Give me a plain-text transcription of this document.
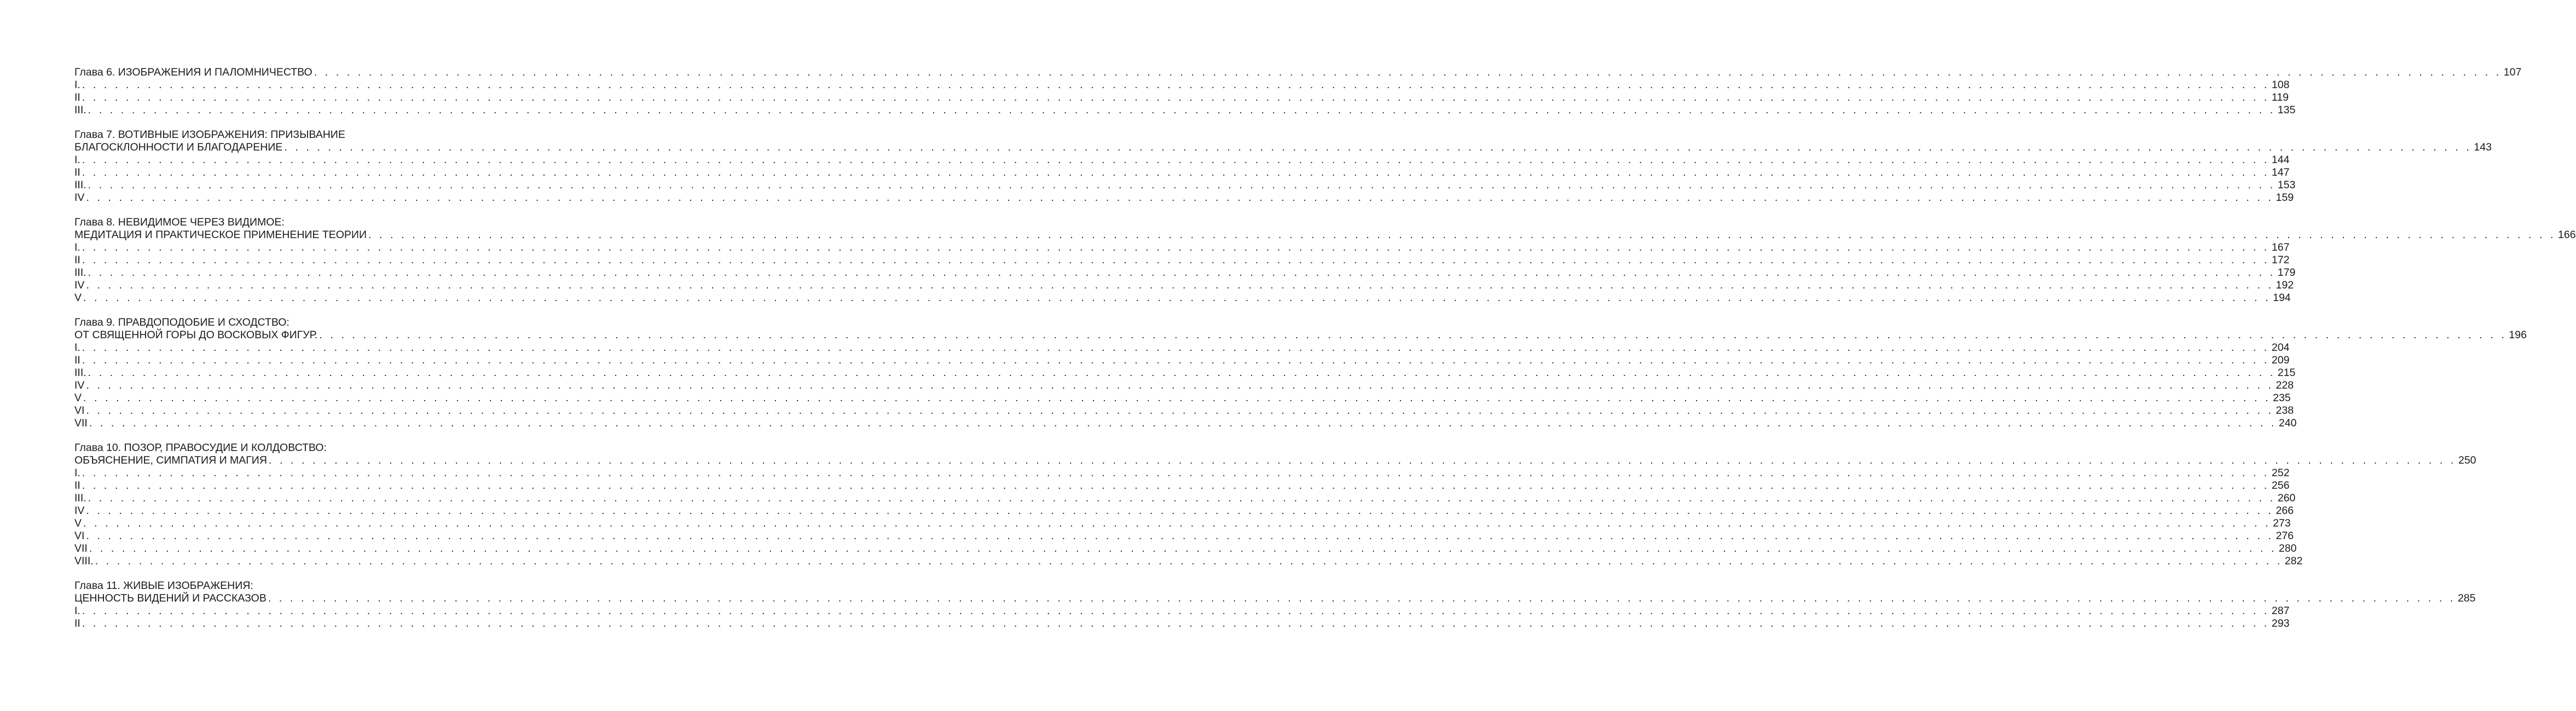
Глава 6. ИЗОБРАЖЕНИЯ И ПАЛОМНИЧЕСТВО . . . . . . . . . . . . . . . . . . . . . . . . . . . . . . . . . . . . . . . . . . . . . . . . . . . . . . . . . . . . . . . . . . . . . . . . . . . . . . . . . . . . . . . . . . . . . . . . . . . . . . . . . . . . . . . . . . . . . . . . . . . . . . . . . . . . . . . . . . . . . . . . . . . . . . . . . . . . . . . . . . . . . . . . . . . . . . . . . . . . . . . . . . . . . . . . . . . . . . . . 107
I. . . . . . . . . . . . . . . . . . . . . . . . . . . . . . . . . . . . . . . . . . . . . . . . . . . . . . . . . . . . . . . . . . . . . . . . . . . . . . . . . . . . . . . . . . . . . . . . . . . . . . . . . . . . . . . . . . . . . . . . . . . . . . . . . . . . . . . . . . . . . . . . . . . . . . . . . . . . . . . . . . . . . . . . . . . . . . . . . . . . . . . . . . . . . . . . . . . . . . . . . 108
II . . . . . . . . . . . . . . . . . . . . . . . . . . . . . . . . . . . . . . . . . . . . . . . . . . . . . . . . . . . . . . . . . . . . . . . . . . . . . . . . . . . . . . . . . . . . . . . . . . . . . . . . . . . . . . . . . . . . . . . . . . . . . . . . . . . . . . . . . . . . . . . . . . . . . . . . . . . . . . . . . . . . . . . . . . . . . . . . . . . . . . . . . . . . . . . . . . . . . . . . 119
III. . . . . . . . . . . . . . . . . . . . . . . . . . . . . . . . . . . . . . . . . . . . . . . . . . . . . . . . . . . . . . . . . . . . . . . . . . . . . . . . . . . . . . . . . . . . . . . . . . . . . . . . . . . . . . . . . . . . . . . . . . . . . . . . . . . . . . . . . . . . . . . . . . . . . . . . . . . . . . . . . . . . . . . . . . . . . . . . . . . . . . . . . . . . . . . . . . . . . . . . . 135
Глава 7. ВОТИВНЫЕ ИЗОБРАЖЕНИЯ: ПРИЗЫВАНИЕ
БЛАГОСКЛОННОСТИ И БЛАГОДАРЕНИЕ . . . . . . . . . . . . . . . . . . . . . . . . . . . . . . . . . . . . . . . . . . . . . . . . . . . . . . . . . . . . . . . . . . . . . . . . . . . . . . . . . . . . . . . . . . . . . . . . . . . . . . . . . . . . . . . . . . . . . . . . . . . . . . . . . . . . . . . . . . . . . . . . . . . . . . . . . . . . . . . . . . . . . . . . . . . . . . . . . . . . . . . . . . . . . . . . . . . . . . . . 143
I. . . . . . . . . . . . . . . . . . . . . . . . . . . . . . . . . . . . . . . . . . . . . . . . . . . . . . . . . . . . . . . . . . . . . . . . . . . . . . . . . . . . . . . . . . . . . . . . . . . . . . . . . . . . . . . . . . . . . . . . . . . . . . . . . . . . . . . . . . . . . . . . . . . . . . . . . . . . . . . . . . . . . . . . . . . . . . . . . . . . . . . . . . . . . . . . . . . . . . . . . 144
II . . . . . . . . . . . . . . . . . . . . . . . . . . . . . . . . . . . . . . . . . . . . . . . . . . . . . . . . . . . . . . . . . . . . . . . . . . . . . . . . . . . . . . . . . . . . . . . . . . . . . . . . . . . . . . . . . . . . . . . . . . . . . . . . . . . . . . . . . . . . . . . . . . . . . . . . . . . . . . . . . . . . . . . . . . . . . . . . . . . . . . . . . . . . . . . . . . . . . . . . 147
III. . . . . . . . . . . . . . . . . . . . . . . . . . . . . . . . . . . . . . . . . . . . . . . . . . . . . . . . . . . . . . . . . . . . . . . . . . . . . . . . . . . . . . . . . . . . . . . . . . . . . . . . . . . . . . . . . . . . . . . . . . . . . . . . . . . . . . . . . . . . . . . . . . . . . . . . . . . . . . . . . . . . . . . . . . . . . . . . . . . . . . . . . . . . . . . . . . . . . . . . . 153
IV . . . . . . . . . . . . . . . . . . . . . . . . . . . . . . . . . . . . . . . . . . . . . . . . . . . . . . . . . . . . . . . . . . . . . . . . . . . . . . . . . . . . . . . . . . . . . . . . . . . . . . . . . . . . . . . . . . . . . . . . . . . . . . . . . . . . . . . . . . . . . . . . . . . . . . . . . . . . . . . . . . . . . . . . . . . . . . . . . . . . . . . . . . . . . . . . . . . . . . . . 159
Глава 8. НЕВИДИМОЕ ЧЕРЕЗ ВИДИМОЕ:
МЕДИТАЦИЯ И ПРАКТИЧЕСКОЕ ПРИМЕНЕНИЕ ТЕОРИИ . . . . . . . . . . . . . . . . . . . . . . . . . . . . . . . . . . . . . . . . . . . . . . . . . . . . . . . . . . . . . . . . . . . . . . . . . . . . . . . . . . . . . . . . . . . . . . . . . . . . . . . . . . . . . . . . . . . . . . . . . . . . . . . . . . . . . . . . . . . . . . . . . . . . . . . . . . . . . . . . . . . . . . . . . . . . . . . . . . . . . . . . . . . . . . . . . . . . . . . . 166
I. . . . . . . . . . . . . . . . . . . . . . . . . . . . . . . . . . . . . . . . . . . . . . . . . . . . . . . . . . . . . . . . . . . . . . . . . . . . . . . . . . . . . . . . . . . . . . . . . . . . . . . . . . . . . . . . . . . . . . . . . . . . . . . . . . . . . . . . . . . . . . . . . . . . . . . . . . . . . . . . . . . . . . . . . . . . . . . . . . . . . . . . . . . . . . . . . . . . . . . . . 167
II . . . . . . . . . . . . . . . . . . . . . . . . . . . . . . . . . . . . . . . . . . . . . . . . . . . . . . . . . . . . . . . . . . . . . . . . . . . . . . . . . . . . . . . . . . . . . . . . . . . . . . . . . . . . . . . . . . . . . . . . . . . . . . . . . . . . . . . . . . . . . . . . . . . . . . . . . . . . . . . . . . . . . . . . . . . . . . . . . . . . . . . . . . . . . . . . . . . . . . . . 172
III. . . . . . . . . . . . . . . . . . . . . . . . . . . . . . . . . . . . . . . . . . . . . . . . . . . . . . . . . . . . . . . . . . . . . . . . . . . . . . . . . . . . . . . . . . . . . . . . . . . . . . . . . . . . . . . . . . . . . . . . . . . . . . . . . . . . . . . . . . . . . . . . . . . . . . . . . . . . . . . . . . . . . . . . . . . . . . . . . . . . . . . . . . . . . . . . . . . . . . . . . 179
IV . . . . . . . . . . . . . . . . . . . . . . . . . . . . . . . . . . . . . . . . . . . . . . . . . . . . . . . . . . . . . . . . . . . . . . . . . . . . . . . . . . . . . . . . . . . . . . . . . . . . . . . . . . . . . . . . . . . . . . . . . . . . . . . . . . . . . . . . . . . . . . . . . . . . . . . . . . . . . . . . . . . . . . . . . . . . . . . . . . . . . . . . . . . . . . . . . . . . . . . . 192
V . . . . . . . . . . . . . . . . . . . . . . . . . . . . . . . . . . . . . . . . . . . . . . . . . . . . . . . . . . . . . . . . . . . . . . . . . . . . . . . . . . . . . . . . . . . . . . . . . . . . . . . . . . . . . . . . . . . . . . . . . . . . . . . . . . . . . . . . . . . . . . . . . . . . . . . . . . . . . . . . . . . . . . . . . . . . . . . . . . . . . . . . . . . . . . . . . . . . . . . . 194
Глава 9. ПРАВДОПОДОБИЕ И СХОДСТВО:
ОТ СВЯЩЕННОЙ ГОРЫ ДО ВОСКОВЫХ ФИГУР. . . . . . . . . . . . . . . . . . . . . . . . . . . . . . . . . . . . . . . . . . . . . . . . . . . . . . . . . . . . . . . . . . . . . . . . . . . . . . . . . . . . . . . . . . . . . . . . . . . . . . . . . . . . . . . . . . . . . . . . . . . . . . . . . . . . . . . . . . . . . . . . . . . . . . . . . . . . . . . . . . . . . . . . . . . . . . . . . . . . . . . . . . . . . . . . . . . . . . . . . 196
I. . . . . . . . . . . . . . . . . . . . . . . . . . . . . . . . . . . . . . . . . . . . . . . . . . . . . . . . . . . . . . . . . . . . . . . . . . . . . . . . . . . . . . . . . . . . . . . . . . . . . . . . . . . . . . . . . . . . . . . . . . . . . . . . . . . . . . . . . . . . . . . . . . . . . . . . . . . . . . . . . . . . . . . . . . . . . . . . . . . . . . . . . . . . . . . . . . . . . . . . . 204
II . . . . . . . . . . . . . . . . . . . . . . . . . . . . . . . . . . . . . . . . . . . . . . . . . . . . . . . . . . . . . . . . . . . . . . . . . . . . . . . . . . . . . . . . . . . . . . . . . . . . . . . . . . . . . . . . . . . . . . . . . . . . . . . . . . . . . . . . . . . . . . . . . . . . . . . . . . . . . . . . . . . . . . . . . . . . . . . . . . . . . . . . . . . . . . . . . . . . . . . . 209
III. . . . . . . . . . . . . . . . . . . . . . . . . . . . . . . . . . . . . . . . . . . . . . . . . . . . . . . . . . . . . . . . . . . . . . . . . . . . . . . . . . . . . . . . . . . . . . . . . . . . . . . . . . . . . . . . . . . . . . . . . . . . . . . . . . . . . . . . . . . . . . . . . . . . . . . . . . . . . . . . . . . . . . . . . . . . . . . . . . . . . . . . . . . . . . . . . . . . . . . . . 215
IV . . . . . . . . . . . . . . . . . . . . . . . . . . . . . . . . . . . . . . . . . . . . . . . . . . . . . . . . . . . . . . . . . . . . . . . . . . . . . . . . . . . . . . . . . . . . . . . . . . . . . . . . . . . . . . . . . . . . . . . . . . . . . . . . . . . . . . . . . . . . . . . . . . . . . . . . . . . . . . . . . . . . . . . . . . . . . . . . . . . . . . . . . . . . . . . . . . . . . . . . 228
V . . . . . . . . . . . . . . . . . . . . . . . . . . . . . . . . . . . . . . . . . . . . . . . . . . . . . . . . . . . . . . . . . . . . . . . . . . . . . . . . . . . . . . . . . . . . . . . . . . . . . . . . . . . . . . . . . . . . . . . . . . . . . . . . . . . . . . . . . . . . . . . . . . . . . . . . . . . . . . . . . . . . . . . . . . . . . . . . . . . . . . . . . . . . . . . . . . . . . . . . 235
VI . . . . . . . . . . . . . . . . . . . . . . . . . . . . . . . . . . . . . . . . . . . . . . . . . . . . . . . . . . . . . . . . . . . . . . . . . . . . . . . . . . . . . . . . . . . . . . . . . . . . . . . . . . . . . . . . . . . . . . . . . . . . . . . . . . . . . . . . . . . . . . . . . . . . . . . . . . . . . . . . . . . . . . . . . . . . . . . . . . . . . . . . . . . . . . . . . . . . . . . . 238
VII . . . . . . . . . . . . . . . . . . . . . . . . . . . . . . . . . . . . . . . . . . . . . . . . . . . . . . . . . . . . . . . . . . . . . . . . . . . . . . . . . . . . . . . . . . . . . . . . . . . . . . . . . . . . . . . . . . . . . . . . . . . . . . . . . . . . . . . . . . . . . . . . . . . . . . . . . . . . . . . . . . . . . . . . . . . . . . . . . . . . . . . . . . . . . . . . . . . . . . . . 240
Глава 10. ПОЗОР, ПРАВОСУДИЕ И КОЛДОВСТВО:
ОБЪЯСНЕНИЕ, СИМПАТИЯ И МАГИЯ . . . . . . . . . . . . . . . . . . . . . . . . . . . . . . . . . . . . . . . . . . . . . . . . . . . . . . . . . . . . . . . . . . . . . . . . . . . . . . . . . . . . . . . . . . . . . . . . . . . . . . . . . . . . . . . . . . . . . . . . . . . . . . . . . . . . . . . . . . . . . . . . . . . . . . . . . . . . . . . . . . . . . . . . . . . . . . . . . . . . . . . . . . . . . . . . . . . . . . . . 250
I. . . . . . . . . . . . . . . . . . . . . . . . . . . . . . . . . . . . . . . . . . . . . . . . . . . . . . . . . . . . . . . . . . . . . . . . . . . . . . . . . . . . . . . . . . . . . . . . . . . . . . . . . . . . . . . . . . . . . . . . . . . . . . . . . . . . . . . . . . . . . . . . . . . . . . . . . . . . . . . . . . . . . . . . . . . . . . . . . . . . . . . . . . . . . . . . . . . . . . . . . 252
II . . . . . . . . . . . . . . . . . . . . . . . . . . . . . . . . . . . . . . . . . . . . . . . . . . . . . . . . . . . . . . . . . . . . . . . . . . . . . . . . . . . . . . . . . . . . . . . . . . . . . . . . . . . . . . . . . . . . . . . . . . . . . . . . . . . . . . . . . . . . . . . . . . . . . . . . . . . . . . . . . . . . . . . . . . . . . . . . . . . . . . . . . . . . . . . . . . . . . . . . 256
III. . . . . . . . . . . . . . . . . . . . . . . . . . . . . . . . . . . . . . . . . . . . . . . . . . . . . . . . . . . . . . . . . . . . . . . . . . . . . . . . . . . . . . . . . . . . . . . . . . . . . . . . . . . . . . . . . . . . . . . . . . . . . . . . . . . . . . . . . . . . . . . . . . . . . . . . . . . . . . . . . . . . . . . . . . . . . . . . . . . . . . . . . . . . . . . . . . . . . . . . . 260
IV . . . . . . . . . . . . . . . . . . . . . . . . . . . . . . . . . . . . . . . . . . . . . . . . . . . . . . . . . . . . . . . . . . . . . . . . . . . . . . . . . . . . . . . . . . . . . . . . . . . . . . . . . . . . . . . . . . . . . . . . . . . . . . . . . . . . . . . . . . . . . . . . . . . . . . . . . . . . . . . . . . . . . . . . . . . . . . . . . . . . . . . . . . . . . . . . . . . . . . . . 266
V . . . . . . . . . . . . . . . . . . . . . . . . . . . . . . . . . . . . . . . . . . . . . . . . . . . . . . . . . . . . . . . . . . . . . . . . . . . . . . . . . . . . . . . . . . . . . . . . . . . . . . . . . . . . . . . . . . . . . . . . . . . . . . . . . . . . . . . . . . . . . . . . . . . . . . . . . . . . . . . . . . . . . . . . . . . . . . . . . . . . . . . . . . . . . . . . . . . . . . . . 273
VI . . . . . . . . . . . . . . . . . . . . . . . . . . . . . . . . . . . . . . . . . . . . . . . . . . . . . . . . . . . . . . . . . . . . . . . . . . . . . . . . . . . . . . . . . . . . . . . . . . . . . . . . . . . . . . . . . . . . . . . . . . . . . . . . . . . . . . . . . . . . . . . . . . . . . . . . . . . . . . . . . . . . . . . . . . . . . . . . . . . . . . . . . . . . . . . . . . . . . . . . 276
VII . . . . . . . . . . . . . . . . . . . . . . . . . . . . . . . . . . . . . . . . . . . . . . . . . . . . . . . . . . . . . . . . . . . . . . . . . . . . . . . . . . . . . . . . . . . . . . . . . . . . . . . . . . . . . . . . . . . . . . . . . . . . . . . . . . . . . . . . . . . . . . . . . . . . . . . . . . . . . . . . . . . . . . . . . . . . . . . . . . . . . . . . . . . . . . . . . . . . . . . . 280
VIII. . . . . . . . . . . . . . . . . . . . . . . . . . . . . . . . . . . . . . . . . . . . . . . . . . . . . . . . . . . . . . . . . . . . . . . . . . . . . . . . . . . . . . . . . . . . . . . . . . . . . . . . . . . . . . . . . . . . . . . . . . . . . . . . . . . . . . . . . . . . . . . . . . . . . . . . . . . . . . . . . . . . . . . . . . . . . . . . . . . . . . . . . . . . . . . . . . . . . . . . . 282
Глава 11. ЖИВЫЕ ИЗОБРАЖЕНИЯ:
ЦЕННОСТЬ ВИДЕНИЙ И РАССКАЗОВ . . . . . . . . . . . . . . . . . . . . . . . . . . . . . . . . . . . . . . . . . . . . . . . . . . . . . . . . . . . . . . . . . . . . . . . . . . . . . . . . . . . . . . . . . . . . . . . . . . . . . . . . . . . . . . . . . . . . . . . . . . . . . . . . . . . . . . . . . . . . . . . . . . . . . . . . . . . . . . . . . . . . . . . . . . . . . . . . . . . . . . . . . . . . . . . . . . . . . . . . 285
I. . . . . . . . . . . . . . . . . . . . . . . . . . . . . . . . . . . . . . . . . . . . . . . . . . . . . . . . . . . . . . . . . . . . . . . . . . . . . . . . . . . . . . . . . . . . . . . . . . . . . . . . . . . . . . . . . . . . . . . . . . . . . . . . . . . . . . . . . . . . . . . . . . . . . . . . . . . . . . . . . . . . . . . . . . . . . . . . . . . . . . . . . . . . . . . . . . . . . . . . . 287
II . . . . . . . . . . . . . . . . . . . . . . . . . . . . . . . . . . . . . . . . . . . . . . . . . . . . . . . . . . . . . . . . . . . . . . . . . . . . . . . . . . . . . . . . . . . . . . . . . . . . . . . . . . . . . . . . . . . . . . . . . . . . . . . . . . . . . . . . . . . . . . . . . . . . . . . . . . . . . . . . . . . . . . . . . . . . . . . . . . . . . . . . . . . . . . . . . . . . . . . . 293
